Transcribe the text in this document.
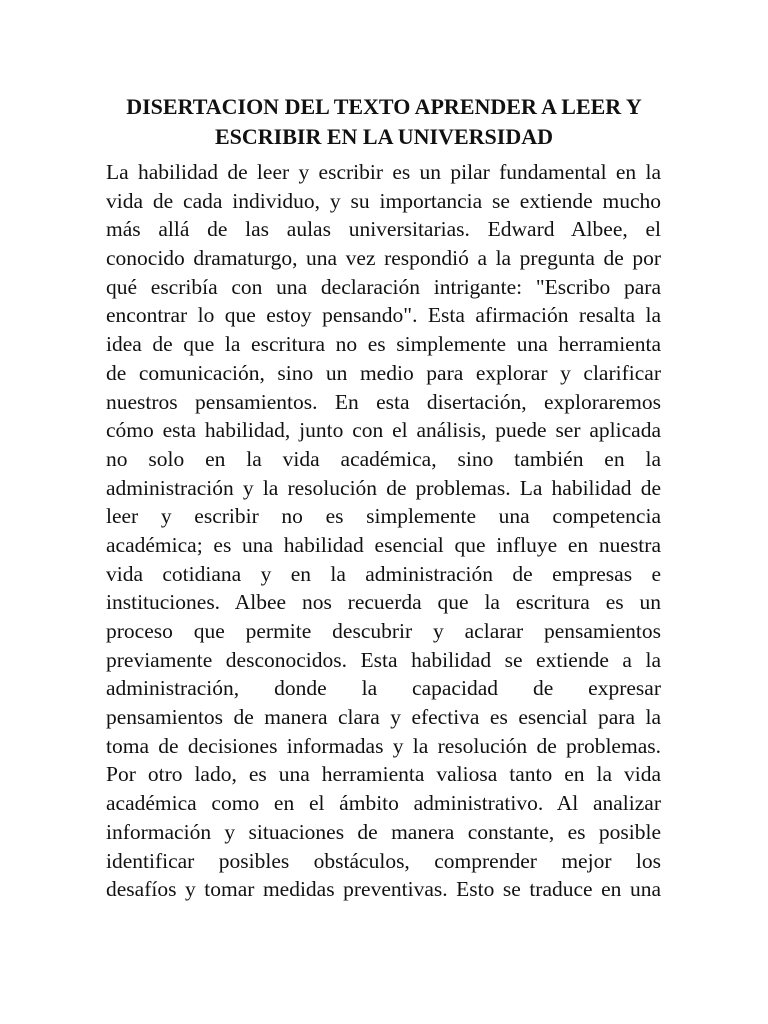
DISERTACION DEL TEXTO APRENDER A LEER Y
ESCRIBIR EN LA UNIVERSIDAD
La habilidad de leer y escribir es un pilar fundamental en la
vida de cada individuo, y su importancia se extiende mucho
más allá de las aulas universitarias. Edward Albee, el
conocido dramaturgo, una vez respondió a la pregunta de por
qué escribía con una declaración intrigante: "Escribo para
encontrar lo que estoy pensando". Esta afirmación resalta la
idea de que la escritura no es simplemente una herramienta
de comunicación, sino un medio para explorar y clarificar
nuestros pensamientos. En esta disertación, exploraremos
cómo esta habilidad, junto con el análisis, puede ser aplicada
no solo en la vida académica, sino también en la
administración y la resolución de problemas. La habilidad de
leer y escribir no es simplemente una competencia
académica; es una habilidad esencial que influye en nuestra
vida cotidiana y en la administración de empresas e
instituciones. Albee nos recuerda que la escritura es un
proceso que permite descubrir y aclarar pensamientos
previamente desconocidos. Esta habilidad se extiende a la
administración, donde la capacidad de expresar
pensamientos de manera clara y efectiva es esencial para la
toma de decisiones informadas y la resolución de problemas.
Por otro lado, es una herramienta valiosa tanto en la vida
académica como en el ámbito administrativo. Al analizar
información y situaciones de manera constante, es posible
identificar posibles obstáculos, comprender mejor los
desafíos y tomar medidas preventivas. Esto se traduce en una
